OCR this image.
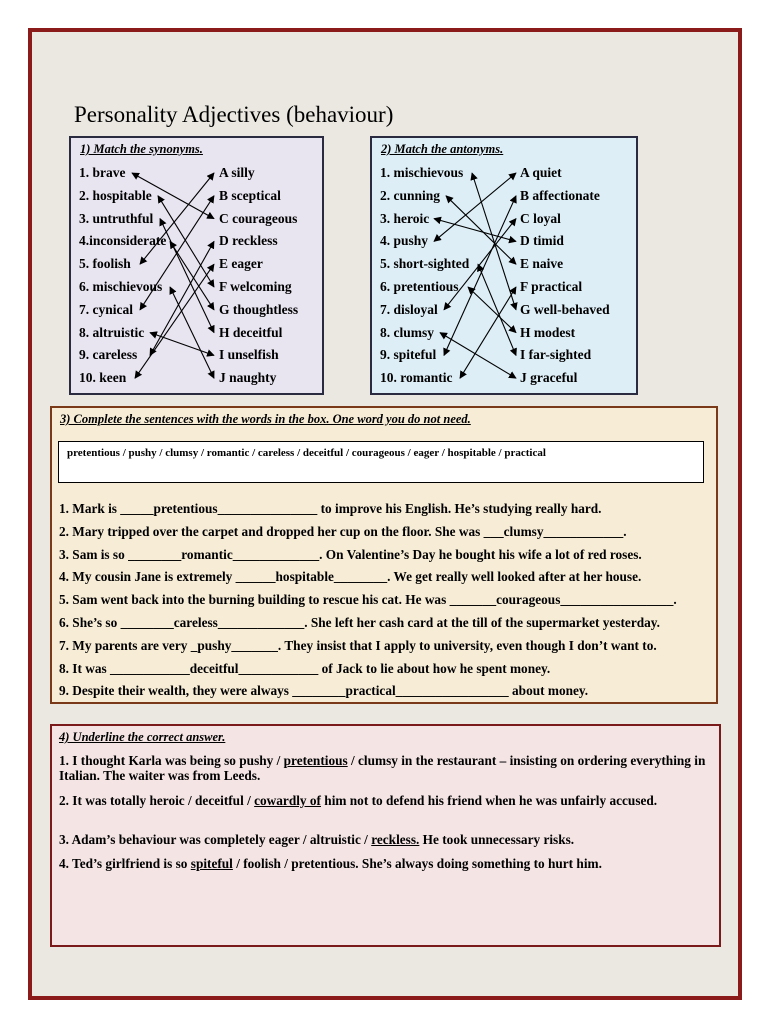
Personality Adjectives (behaviour)
1) Match the synonyms.
1. brave
2. hospitable
3. untruthful
4.inconsiderate
5. foolish
6. mischievous
7. cynical
8. altruistic
9. careless
10. keen
A silly
B sceptical
C courageous
D reckless
E eager
F welcoming
G thoughtless
H deceitful
I unselfish
J naughty
2) Match the antonyms.
1. mischievous
2. cunning
3. heroic
4. pushy
5. short-sighted
6. pretentious
7. disloyal
8. clumsy
9. spiteful
10. romantic
A quiet
B affectionate
C loyal
D timid
E naive
F practical
G well-behaved
H modest
I far-sighted
J graceful
3) Complete the sentences with the words in the box. One word you do not need.
pretentious / pushy / clumsy / romantic / careless / deceitful / courageous / eager / hospitable / practical
1. Mark is _____pretentious_______________ to improve his English. He’s studying really hard.
2. Mary tripped over the carpet and dropped her cup on the floor. She was ___clumsy____________.
3. Sam is so ________romantic_____________. On Valentine’s Day he bought his wife a lot of red roses.
4. My cousin Jane is extremely ______hospitable________. We get really well looked after at her house.
5. Sam went back into the burning building to rescue his cat. He was _______courageous_________________.
6. She’s so ________careless_____________. She left her cash card at the till of the supermarket yesterday.
7. My parents are very _pushy_______. They insist that I apply to university, even though I don’t want to.
8. It was ____________deceitful____________ of Jack to lie about how he spent money.
9. Despite their wealth, they were always ________practical_________________ about money.
4) Underline the correct answer.
1. I thought Karla was being so pushy / pretentious / clumsy in the restaurant – insisting on ordering everything in Italian. The waiter was from Leeds.
2. It was totally heroic / deceitful / cowardly of him not to defend his friend when he was unfairly accused.
3. Adam’s behaviour was completely eager / altruistic / reckless. He took unnecessary risks.
4. Ted’s girlfriend is so spiteful / foolish / pretentious. She’s always doing something to hurt him.
